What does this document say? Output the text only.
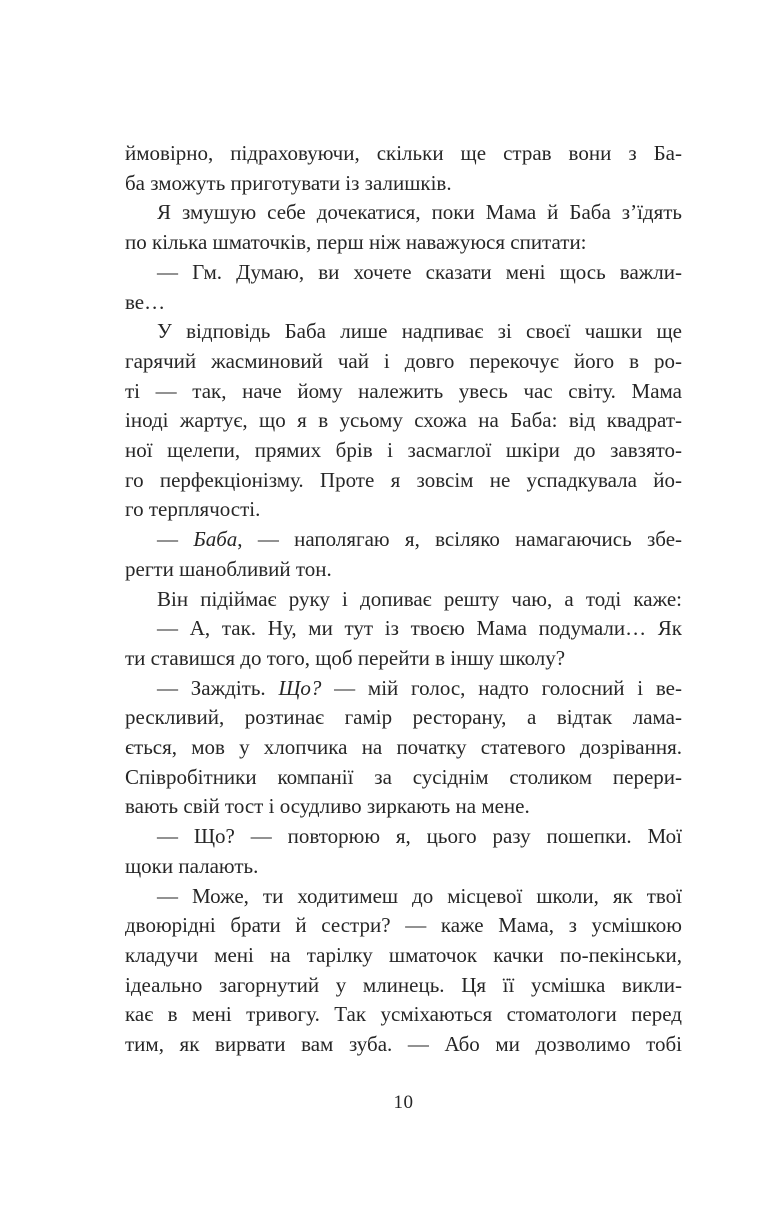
ймовірно, підраховуючи, скільки ще страв вони з Ба-
ба зможуть приготувати із залишків.
Я змушую себе дочекатися, поки Мама й Баба з’їдять
по кілька шматочків, перш ніж наважуюся спитати:
— Гм. Думаю, ви хочете сказати мені щось важли-
ве…
У відповідь Баба лише надпиває зі своєї чашки ще
гарячий жасминовий чай і довго перекочує його в ро-
ті — так, наче йому належить увесь час світу. Мама
іноді жартує, що я в усьому схожа на Баба: від квадрат-
ної щелепи, прямих брів і засмаглої шкіри до завзято-
го перфекціонізму. Проте я зовсім не успадкувала йо-
го терплячості.
— Баба, — наполягаю я, всіляко намагаючись збе-
регти шанобливий тон.
Він підіймає руку і допиває решту чаю, а тоді каже:
— А, так. Ну, ми тут із твоєю Мама подумали… Як
ти ставишся до того, щоб перейти в іншу школу?
— Заждіть. Що? — мій голос, надто голосний і ве-
рескливий, розтинає гамір ресторану, а відтак лама-
ється, мов у хлопчика на початку статевого дозрівання.
Співробітники компанії за сусіднім столиком перери-
вають свій тост і осудливо зиркають на мене.
— Що? — повторюю я, цього разу пошепки. Мої
щоки палають.
— Може, ти ходитимеш до місцевої школи, як твої
двоюрідні брати й сестри? — каже Мама, з усмішкою
кладучи мені на тарілку шматочок качки по-пекінськи,
ідеально загорнутий у млинець. Ця її усмішка викли-
кає в мені тривогу. Так усміхаються стоматологи перед
тим, як вирвати вам зуба. — Або ми дозволимо тобі
10
